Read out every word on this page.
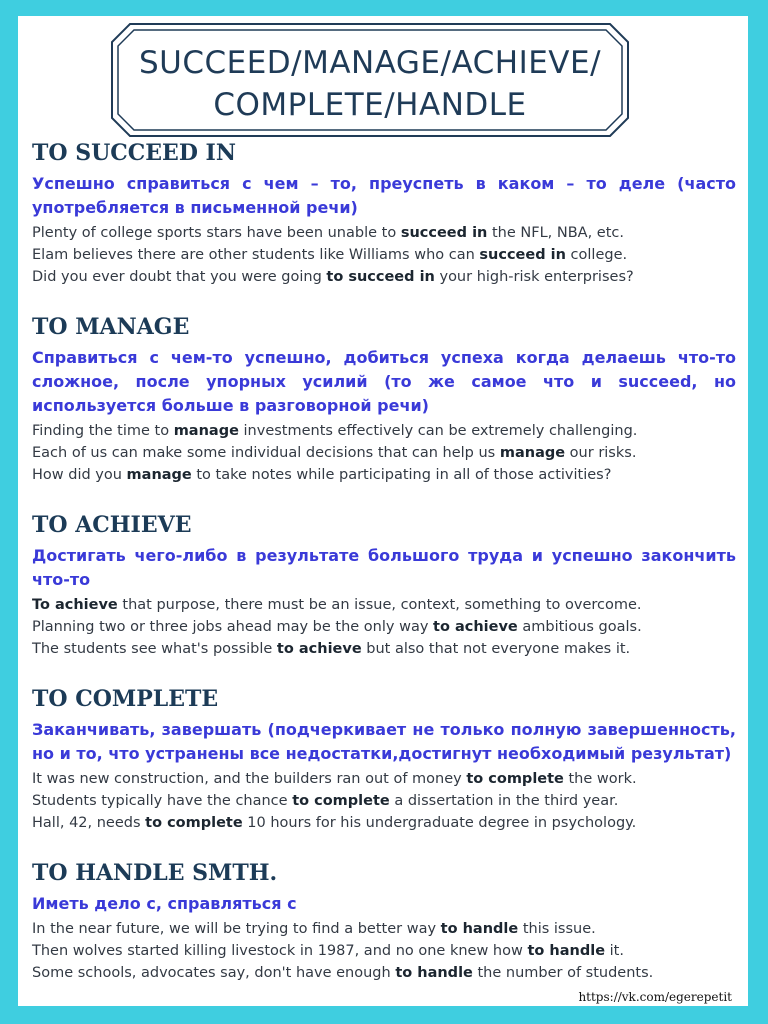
SUCCEED/MANAGE/ACHIEVE/
COMPLETE/HANDLE
TO SUCCEED IN
Успешно справиться с чем – то, преуспеть в каком – то деле (часто употребляется в письменной речи)
Plenty of college sports stars have been unable to succeed in the NFL, NBA, etc.
Elam believes there are other students like Williams who can succeed in college.
Did you ever doubt that you were going to succeed in your high-risk enterprises?
TO MANAGE
Справиться с чем-то успешно, добиться успеха когда делаешь что-то сложное, после упорных усилий (то же самое что и succeed, но используется больше в разговорной речи)
Finding the time to manage investments effectively can be extremely challenging.
Each of us can make some individual decisions that can help us manage our risks.
How did you manage to take notes while participating in all of those activities?
TO ACHIEVE
Достигать чего-либо в результате большого труда и успешно закончить что-то
To achieve that purpose, there must be an issue, context, something to overcome.
Planning two or three jobs ahead may be the only way to achieve ambitious goals.
The students see what's possible to achieve but also that not everyone makes it.
TO COMPLETE
Заканчивать, завершать (подчеркивает не только полную завершенность, но и то, что устранены все недостатки,достигнут необходимый результат)
It was new construction, and the builders ran out of money to complete the work.
Students typically have the chance to complete a dissertation in the third year.
Hall, 42, needs to complete 10 hours for his undergraduate degree in psychology.
TO HANDLE SMTH.
Иметь дело с, справляться с
In the near future, we will be trying to find a better way to handle this issue.
Then wolves started killing livestock in 1987, and no one knew how to handle it.
Some schools, advocates say, don't have enough to handle the number of students.
https://vk.com/egerepetit
